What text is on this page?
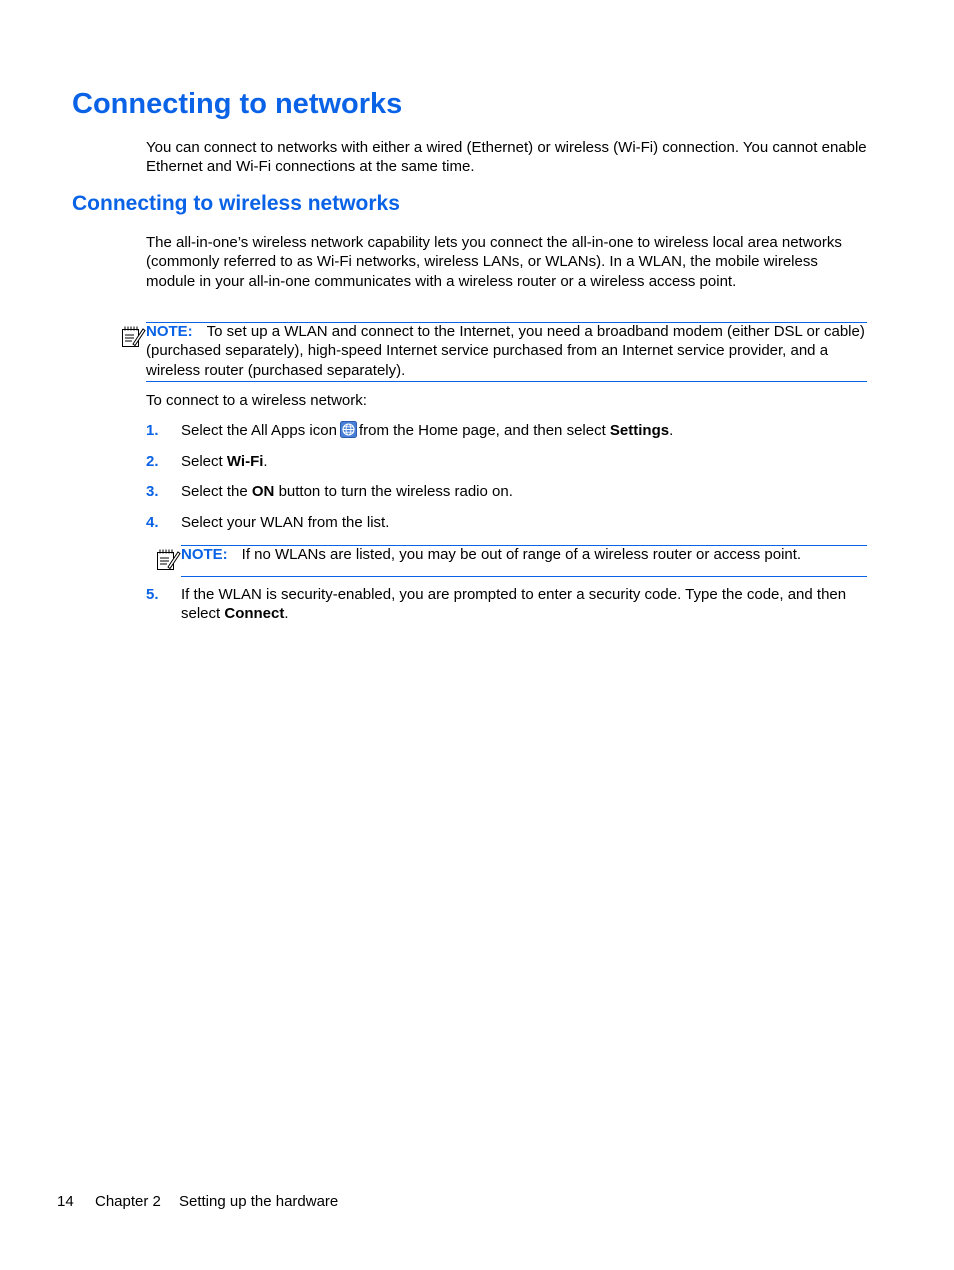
Connecting to networks

You can connect to networks with either a wired (Ethernet) or wireless (Wi-Fi) connection. You cannot enable Ethernet and Wi-Fi connections at the same time.

Connecting to wireless networks

The all-in-one’s wireless network capability lets you connect the all-in-one to wireless local area networks (commonly referred to as Wi-Fi networks, wireless LANs, or WLANs). In a WLAN, the mobile wireless module in your all-in-one communicates with a wireless router or a wireless access point.

NOTE: To set up a WLAN and connect to the Internet, you need a broadband modem (either DSL or cable) (purchased separately), high-speed Internet service purchased from an Internet service provider, and a wireless router (purchased separately).

To connect to a wireless network:

1. Select the All Apps icon from the Home page, and then select Settings.
2. Select Wi-Fi.
3. Select the ON button to turn the wireless radio on.
4. Select your WLAN from the list.
NOTE: If no WLANs are listed, you may be out of range of a wireless router or access point.
5. If the WLAN is security-enabled, you are prompted to enter a security code. Type the code, and then select Connect.
14 Chapter 2 Setting up the hardware
